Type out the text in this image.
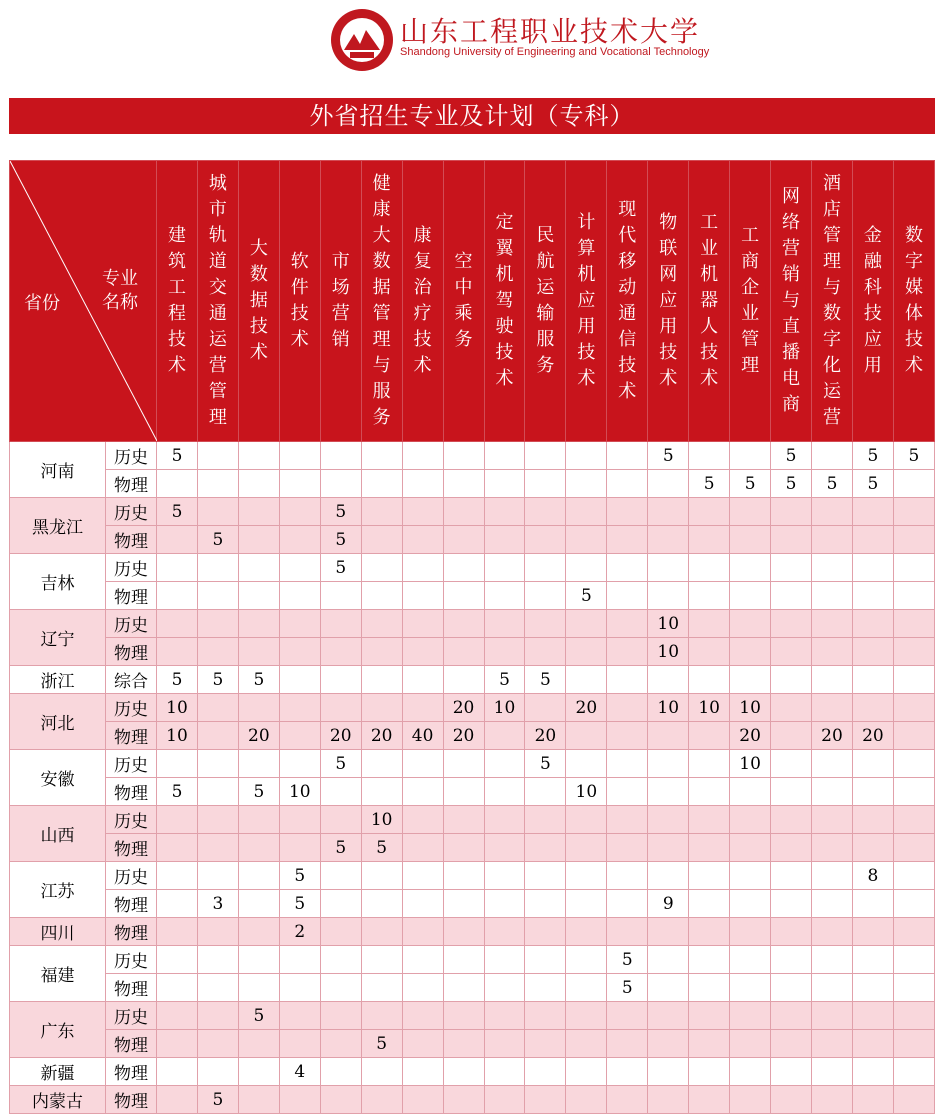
山东工程职业技术大学
Shandong University of Engineering and Vocational Technology
外省招生专业及计划（专科）
省份
专业名称		建筑工程技术	城市轨道交通运营管理	大数据技术	软件技术	市场营销	健康大数据管理与服务	康复治疗技术	空中乘务	定翼机驾驶技术	民航运输服务	计算机应用技术	现代移动通信技术	物联网应用技术	工业机器人技术	工商企业管理	网络营销与直播电商	酒店管理与数字化运营	金融科技应用	数字媒体技术
河南	历史	5												5			5		5	5
	物理														5	5	5	5	5	
黑龙江	历史	5				5														
	物理		5			5														
吉林	历史					5														
	物理											5								
辽宁	历史													10						
	物理													10						
浙江	综合	5	5	5						5	5									
河北	历史	10							20	10		20		10	10	10				
	物理	10		20		20	20	40	20		20					20		20	20	
安徽	历史					5					5					10				
	物理	5		5	10							10								
山西	历史						10													
	物理					5	5													
江苏	历史				5														8	
	物理		3		5									9						
四川	物理				2															
福建	历史												5							
	物理												5							
广东	历史			5																
	物理						5													
新疆	物理				4															
内蒙古	物理		5																	
